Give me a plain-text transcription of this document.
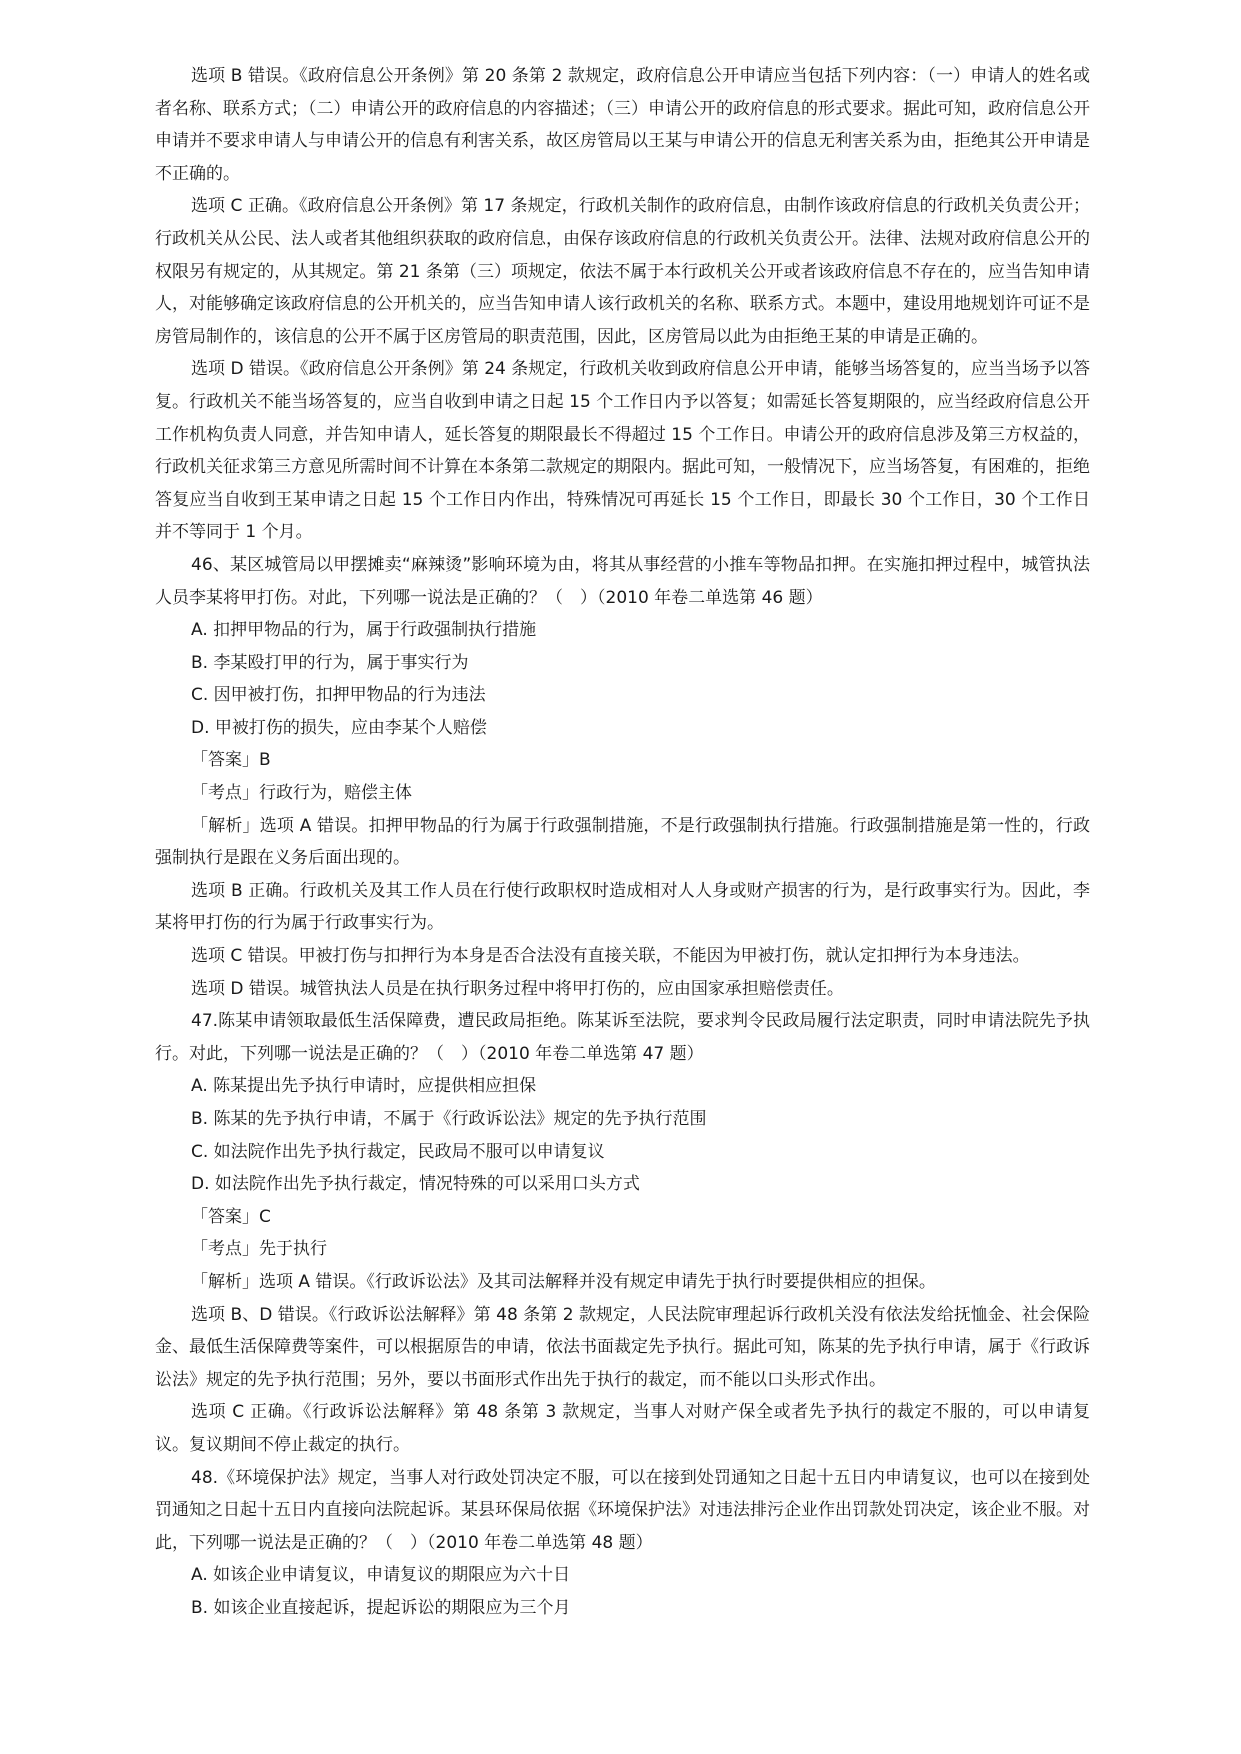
选项 B 错误。《政府信息公开条例》第 20 条第 2 款规定，政府信息公开申请应当包括下列内容：（一）申请人的姓名或者名称、联系方式；（二）申请公开的政府信息的内容描述；（三）申请公开的政府信息的形式要求。据此可知，政府信息公开申请并不要求申请人与申请公开的信息有利害关系，故区房管局以王某与申请公开的信息无利害关系为由，拒绝其公开申请是不正确的。

选项 C 正确。《政府信息公开条例》第 17 条规定，行政机关制作的政府信息，由制作该政府信息的行政机关负责公开；行政机关从公民、法人或者其他组织获取的政府信息，由保存该政府信息的行政机关负责公开。法律、法规对政府信息公开的权限另有规定的，从其规定。第 21 条第（三）项规定，依法不属于本行政机关公开或者该政府信息不存在的，应当告知申请人，对能够确定该政府信息的公开机关的，应当告知申请人该行政机关的名称、联系方式。本题中，建设用地规划许可证不是房管局制作的，该信息的公开不属于区房管局的职责范围，因此，区房管局以此为由拒绝王某的申请是正确的。

选项 D 错误。《政府信息公开条例》第 24 条规定，行政机关收到政府信息公开申请，能够当场答复的，应当当场予以答复。行政机关不能当场答复的，应当自收到申请之日起 15 个工作日内予以答复；如需延长答复期限的，应当经政府信息公开工作机构负责人同意，并告知申请人，延长答复的期限最长不得超过 15 个工作日。申请公开的政府信息涉及第三方权益的，行政机关征求第三方意见所需时间不计算在本条第二款规定的期限内。据此可知，一般情况下，应当场答复，有困难的，拒绝答复应当自收到王某申请之日起 15 个工作日内作出，特殊情况可再延长 15 个工作日，即最长 30 个工作日，30 个工作日并不等同于 1 个月。

46、某区城管局以甲摆摊卖“麻辣烫”影响环境为由，将其从事经营的小推车等物品扣押。在实施扣押过程中，城管执法人员李某将甲打伤。对此，下列哪一说法是正确的？（　）（2010 年卷二单选第 46 题）

A. 扣押甲物品的行为，属于行政强制执行措施

B. 李某殴打甲的行为，属于事实行为

C. 因甲被打伤，扣押甲物品的行为违法

D. 甲被打伤的损失，应由李某个人赔偿

「答案」B

「考点」行政行为，赔偿主体

「解析」选项 A 错误。扣押甲物品的行为属于行政强制措施，不是行政强制执行措施。行政强制措施是第一性的，行政强制执行是跟在义务后面出现的。

选项 B 正确。行政机关及其工作人员在行使行政职权时造成相对人人身或财产损害的行为，是行政事实行为。因此，李某将甲打伤的行为属于行政事实行为。

选项 C 错误。甲被打伤与扣押行为本身是否合法没有直接关联，不能因为甲被打伤，就认定扣押行为本身违法。

选项 D 错误。城管执法人员是在执行职务过程中将甲打伤的，应由国家承担赔偿责任。

47.陈某申请领取最低生活保障费，遭民政局拒绝。陈某诉至法院，要求判令民政局履行法定职责，同时申请法院先予执行。对此，下列哪一说法是正确的？（　）（2010 年卷二单选第 47 题）

A. 陈某提出先予执行申请时，应提供相应担保

B. 陈某的先予执行申请，不属于《行政诉讼法》规定的先予执行范围

C. 如法院作出先予执行裁定，民政局不服可以申请复议

D. 如法院作出先予执行裁定，情况特殊的可以采用口头方式

「答案」C

「考点」先于执行

「解析」选项 A 错误。《行政诉讼法》及其司法解释并没有规定申请先于执行时要提供相应的担保。

选项 B、D 错误。《行政诉讼法解释》第 48 条第 2 款规定，人民法院审理起诉行政机关没有依法发给抚恤金、社会保险金、最低生活保障费等案件，可以根据原告的申请，依法书面裁定先予执行。据此可知，陈某的先予执行申请，属于《行政诉讼法》规定的先予执行范围；另外，要以书面形式作出先于执行的裁定，而不能以口头形式作出。

选项 C 正确。《行政诉讼法解释》第 48 条第 3 款规定，当事人对财产保全或者先予执行的裁定不服的，可以申请复议。复议期间不停止裁定的执行。

48.《环境保护法》规定，当事人对行政处罚决定不服，可以在接到处罚通知之日起十五日内申请复议，也可以在接到处罚通知之日起十五日内直接向法院起诉。某县环保局依据《环境保护法》对违法排污企业作出罚款处罚决定，该企业不服。对此，下列哪一说法是正确的？（　）（2010 年卷二单选第 48 题）

A. 如该企业申请复议，申请复议的期限应为六十日

B. 如该企业直接起诉，提起诉讼的期限应为三个月
